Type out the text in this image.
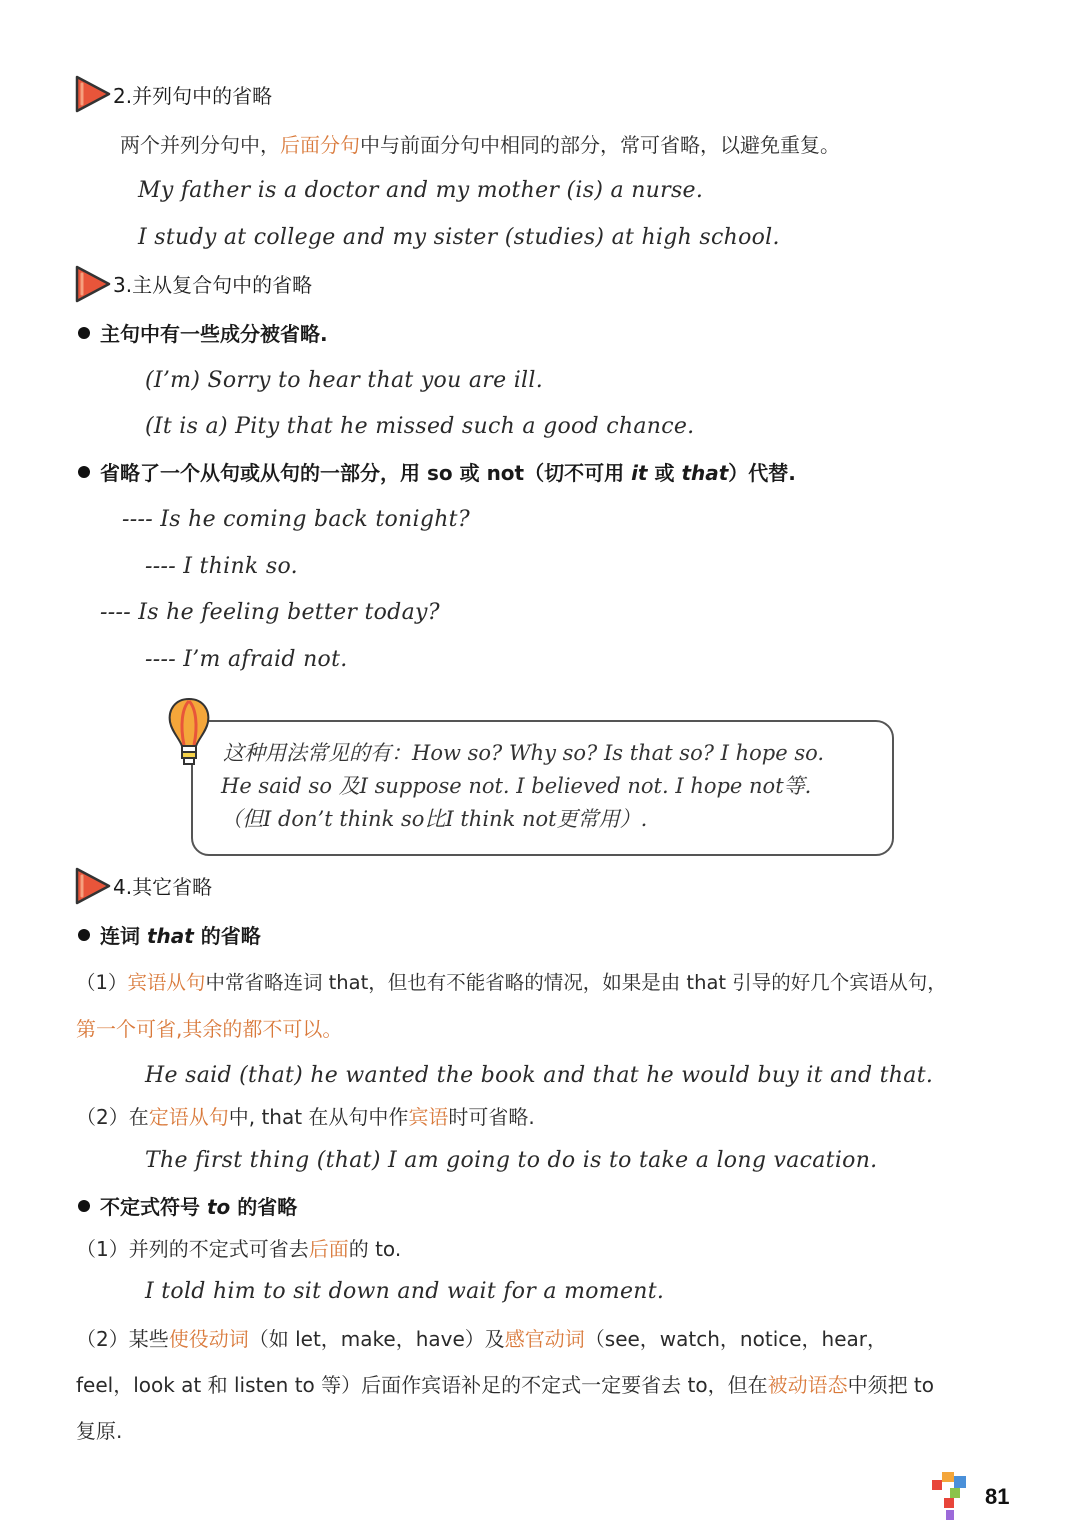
2.并列句中的省略
两个并列分句中，后面分句中与前面分句中相同的部分，常可省略，以避免重复。
My father is a doctor and my mother (is) a nurse.
I study at college and my sister (studies) at high school.
3.主从复合句中的省略
主句中有一些成分被省略.
(I’m) Sorry to hear that you are ill.
(It is a) Pity that he missed such a good chance.
省略了一个从句或从句的一部分，用 so 或 not（切不可用 it 或 that）代替.
---- Is he coming back tonight?
---- I think so.
---- Is he feeling better today?
---- I’m afraid not.
这种用法常见的有：How so? Why so? Is that so? I hope so.
He said so 及I suppose not. I believed not. I hope not等.
（但I don’t think so比I think not更常用）.
4.其它省略
连词 that 的省略
（1）宾语从句中常省略连词 that，但也有不能省略的情况，如果是由 that 引导的好几个宾语从句，
第一个可省,其余的都不可以。
He said (that) he wanted the book and that he would buy it and that.
（2）在定语从句中, that 在从句中作宾语时可省略.
The first thing (that) I am going to do is to take a long vacation.
不定式符号 to 的省略
（1）并列的不定式可省去后面的 to.
I told him to sit down and wait for a moment.
（2）某些使役动词（如 let，make，have）及感官动词（see，watch，notice，hear，
feel，look at 和 listen to 等）后面作宾语补足的不定式一定要省去 to，但在被动语态中须把 to
复原.
81
